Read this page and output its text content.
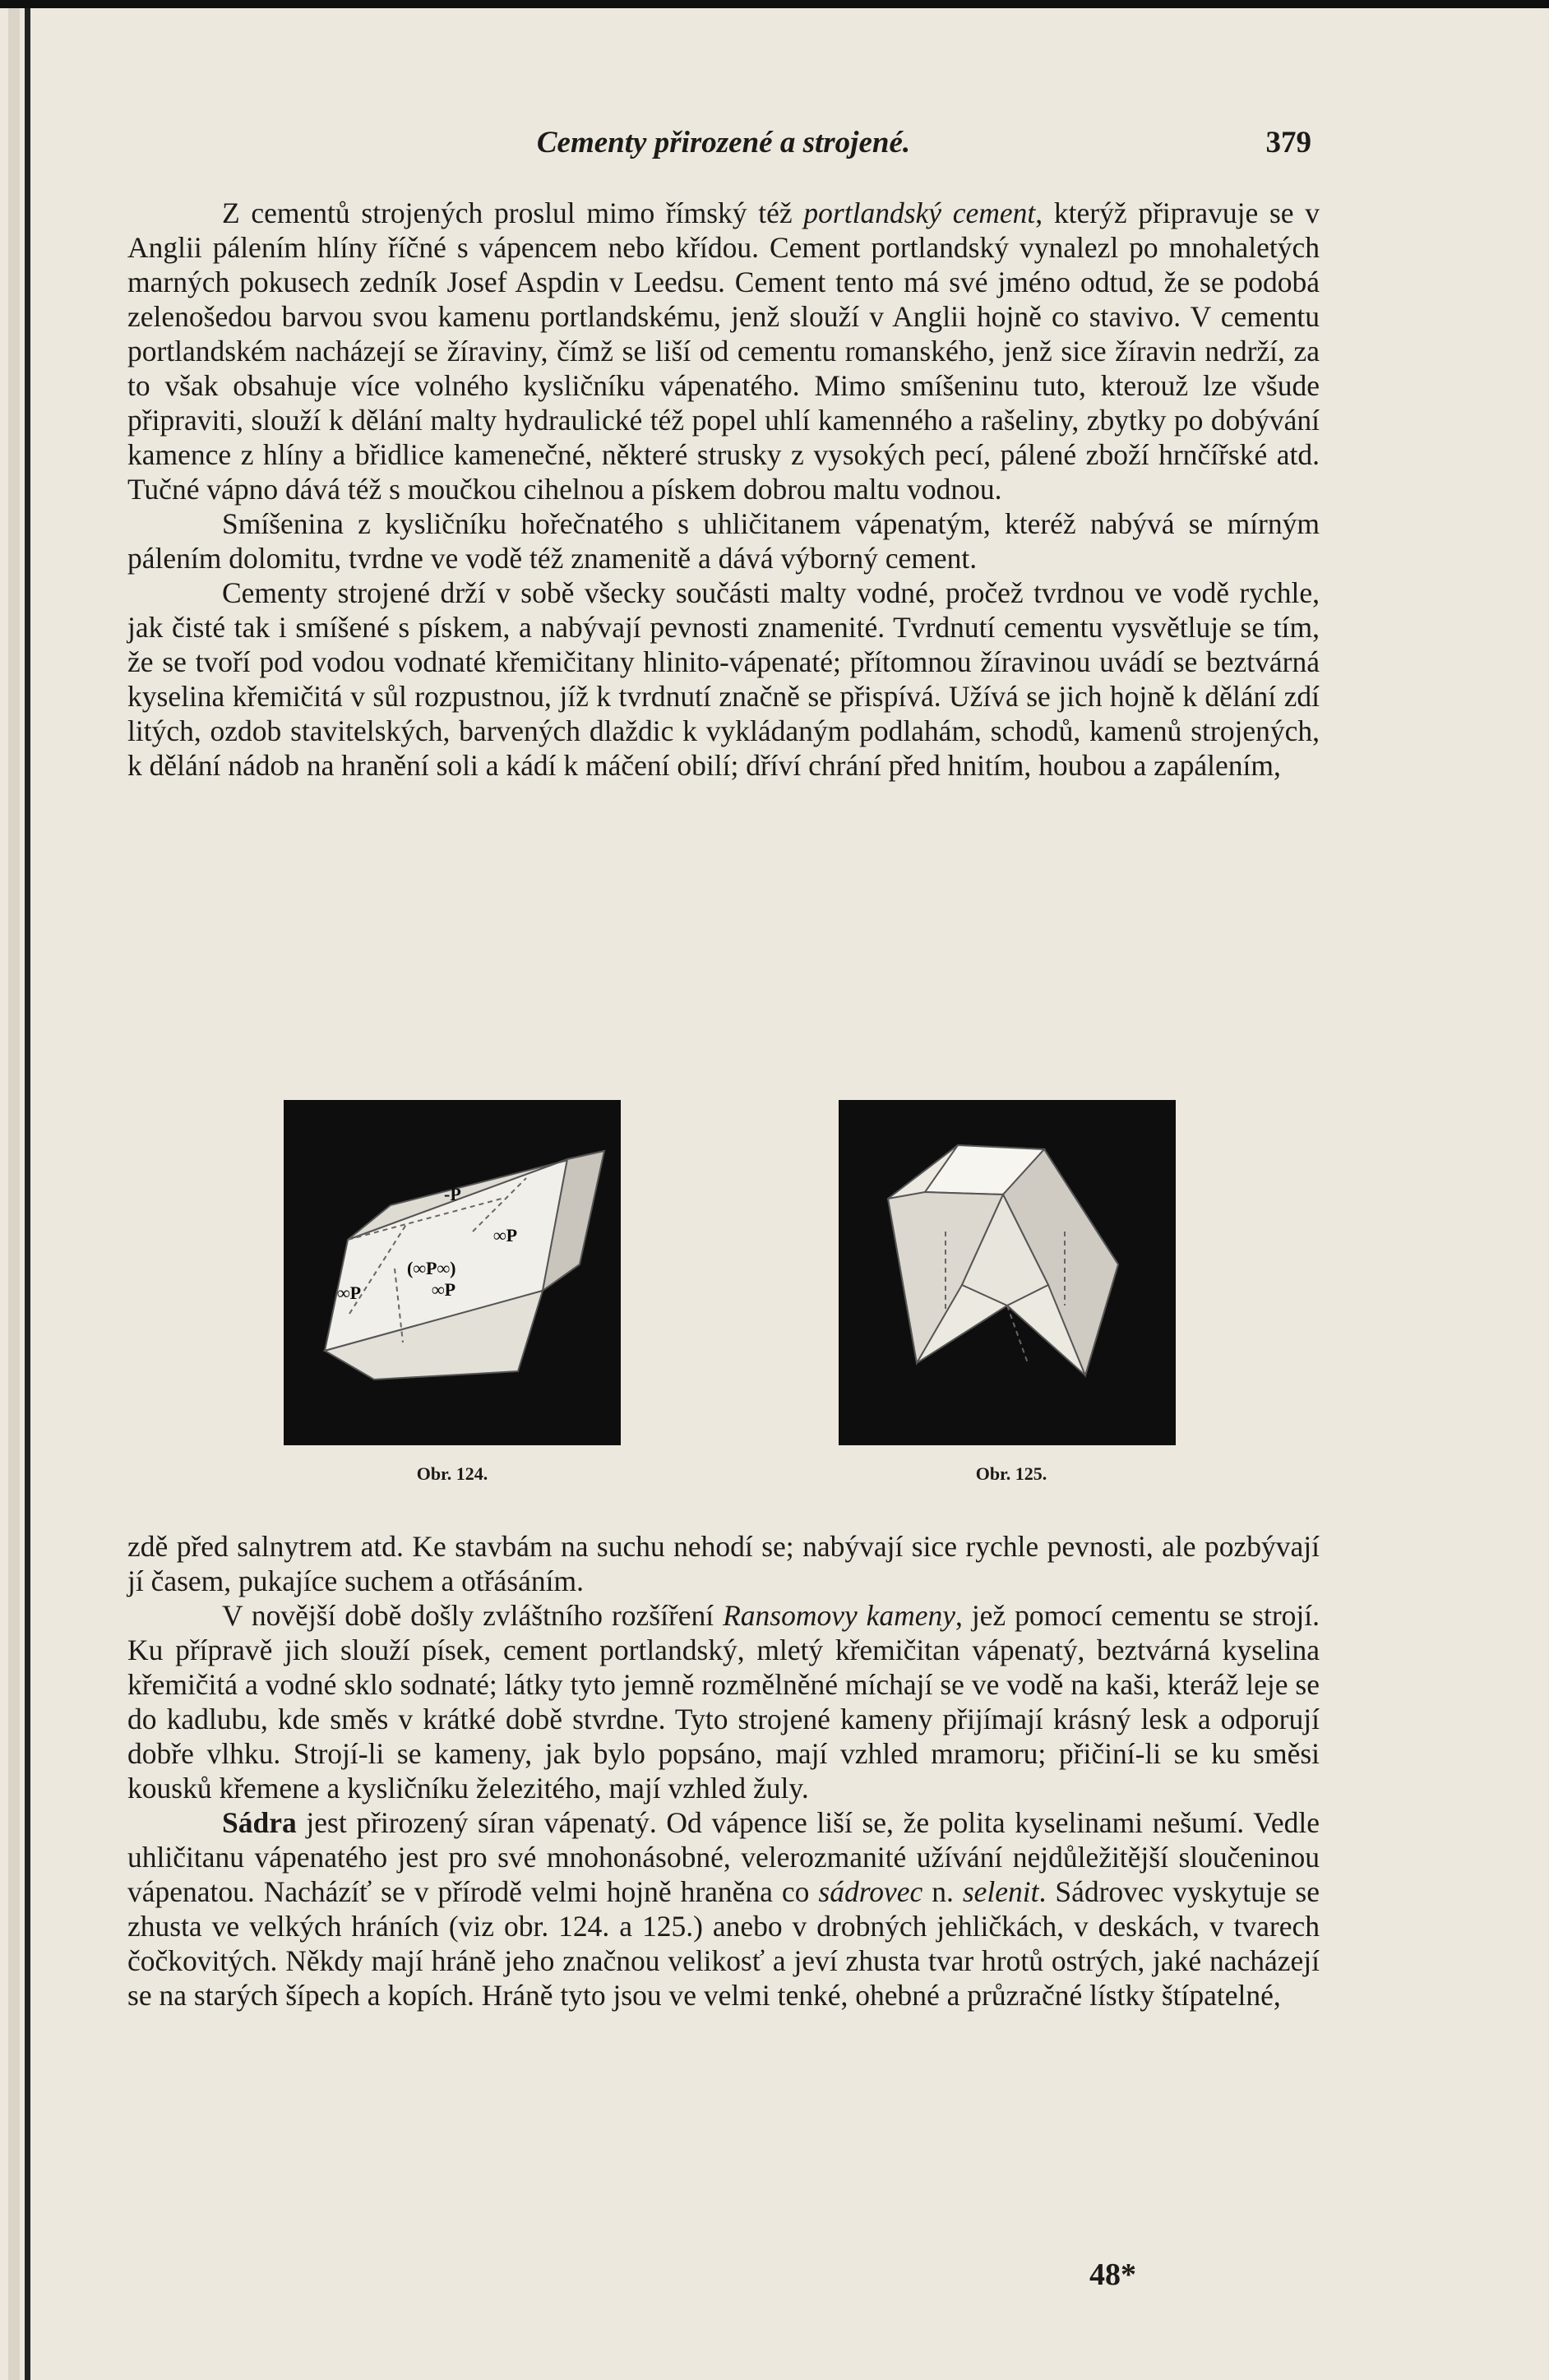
Cementy přirozené a strojené.	379

Z cementů strojených proslul mimo římský též portlandský cement, kterýž připravuje se v Anglii pálením hlíny říčné s vápencem nebo křídou. Cement portlandský vynalezl po mnohaletých marných pokusech zedník Josef Aspdin v Leedsu. Cement tento má své jméno odtud, že se podobá zelenošedou barvou svou kamenu portlandskému, jenž slouží v Anglii hojně co stavivo. V cementu portlandském nacházejí se žíraviny, čímž se liší od cementu romanského, jenž sice žíravin nedrží, za to však obsahuje více volného kysličníku vápenatého. Mimo smíšeninu tuto, kterouž lze všude připraviti, slouží k dělání malty hydraulické též popel uhlí kamenného a rašeliny, zbytky po dobývání kamence z hlíny a břidlice kamenečné, některé strusky z vysokých pecí, pálené zboží hrnčířské atd. Tučné vápno dává též s moučkou cihelnou a pískem dobrou maltu vodnou.

Smíšenina z kysličníku hořečnatého s uhličitanem vápenatým, kteréž nabývá se mírným pálením dolomitu, tvrdne ve vodě též znamenitě a dává výborný cement.

Cementy strojené drží v sobě všecky součásti malty vodné, pročež tvrdnou ve vodě rychle, jak čisté tak i smíšené s pískem, a nabývají pevnosti znamenité. Tvrdnutí cementu vysvětluje se tím, že se tvoří pod vodou vodnaté křemičitany hlinito-vápenaté; přítomnou žíravinou uvádí se beztvárná kyselina křemičitá v sůl rozpustnou, jíž k tvrdnutí značně se přispívá. Užívá se jich hojně k dělání zdí litých, ozdob stavitelských, barvených dlaždic k vykládaným podlahám, schodů, kamenů strojených, k dělání nádob na hranění soli a kádí k máčení obilí; dříví chrání před hnitím, houbou a zapálením,

-P
∞P
(∞P∞)
∞P
∞P
Obr. 124.	Obr. 125.

zdě před salnytrem atd. Ke stavbám na suchu nehodí se; nabývají sice rychle pevnosti, ale pozbývají jí časem, pukajíce suchem a otřásáním.

V novější době došly zvláštního rozšíření Ransomovy kameny, jež pomocí cementu se strojí. Ku přípravě jich slouží písek, cement portlandský, mletý křemičitan vápenatý, beztvárná kyselina křemičitá a vodné sklo sodnaté; látky tyto jemně rozmělněné míchají se ve vodě na kaši, kteráž leje se do kadlubu, kde směs v krátké době stvrdne. Tyto strojené kameny přijímají krásný lesk a odporují dobře vlhku. Strojí-li se kameny, jak bylo popsáno, mají vzhled mramoru; přičiní-li se ku směsi kousků křemene a kysličníku železitého, mají vzhled žuly.

Sádra jest přirozený síran vápenatý. Od vápence liší se, že polita kyselinami nešumí. Vedle uhličitanu vápenatého jest pro své mnohonásobné, velerozmanité užívání nejdůležitější sloučeninou vápenatou. Nacházíť se v přírodě velmi hojně hraněna co sádrovec n. selenit. Sádrovec vyskytuje se zhusta ve velkých hráních (viz obr. 124. a 125.) anebo v drobných jehličkách, v deskách, v tvarech čočkovitých. Někdy mají hráně jeho značnou velikosť a jeví zhusta tvar hrotů ostrých, jaké nacházejí se na starých šípech a kopích. Hráně tyto jsou ve velmi tenké, ohebné a průzračné lístky štípatelné,

48*
